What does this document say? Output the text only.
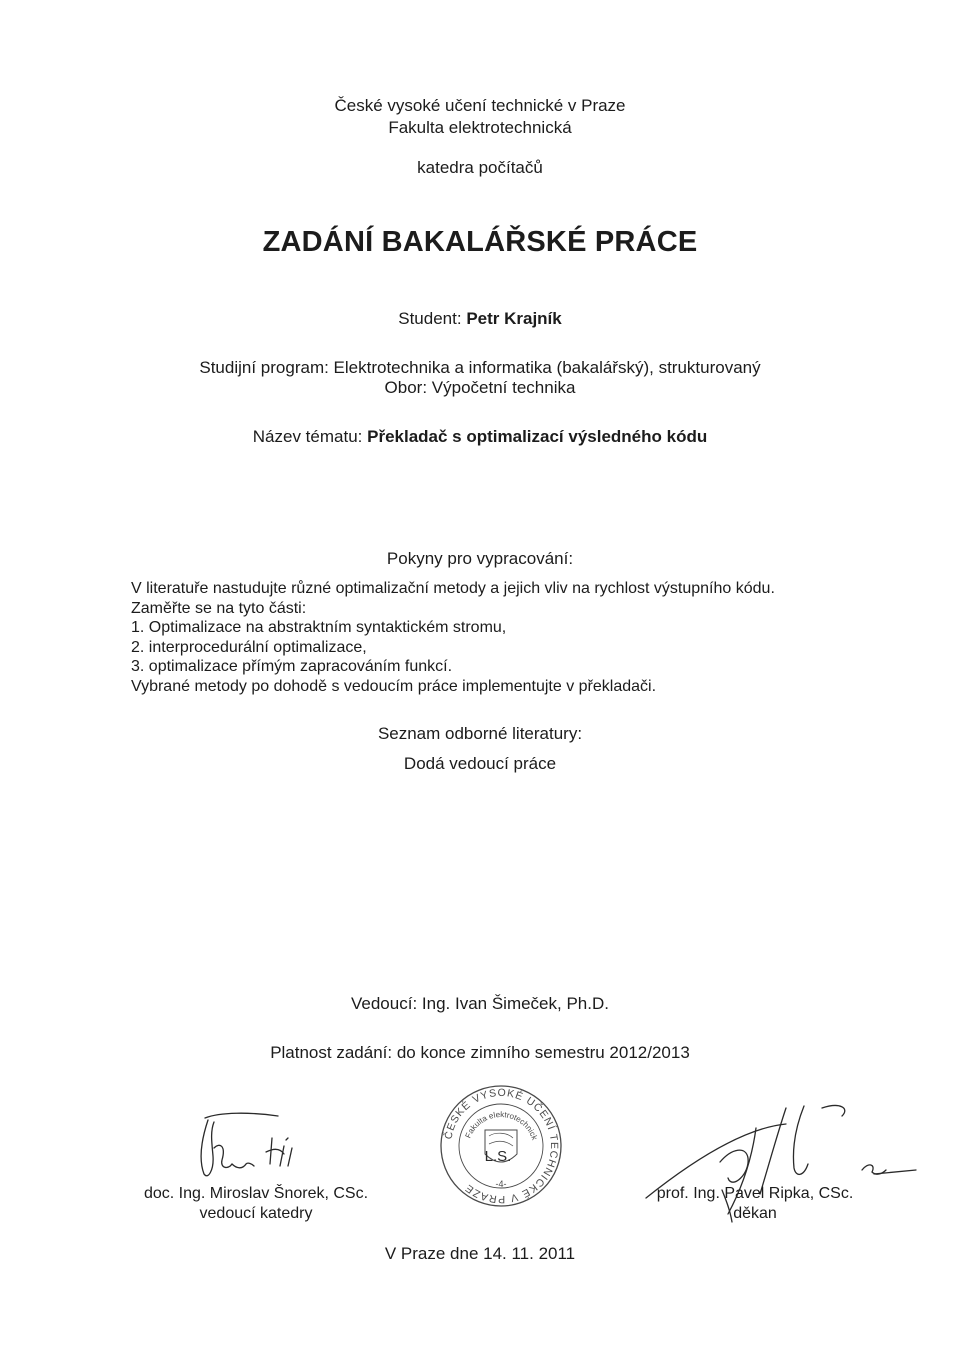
České vysoké učení technické v Praze
Fakulta elektrotechnická
katedra počítačů
ZADÁNÍ BAKALÁŘSKÉ PRÁCE
Student: Petr Krajník
Studijní program: Elektrotechnika a informatika (bakalářský), strukturovaný
Obor: Výpočetní technika
Název tématu: Překladač s optimalizací výsledného kódu
Pokyny pro vypracování:
V literatuře nastudujte různé optimalizační metody a jejich vliv na rychlost výstupního kódu.
Zaměřte se na tyto části:
1. Optimalizace na abstraktním syntaktickém stromu,
2. interprocedurální optimalizace,
3. optimalizace přímým zapracováním funkcí.
Vybrané metody po dohodě s vedoucím práce implementujte v překladači.
Seznam odborné literatury:
Dodá vedoucí práce
Vedoucí: Ing. Ivan Šimeček, Ph.D.
Platnost zadání: do konce zimního semestru 2012/2013
ČESKÉ VYSOKÉ UČENÍ TECHNICKÉ V PRAZE
Fakulta elektrotechnická
L.S.
-4-
doc. Ing. Miroslav Šnorek, CSc.
vedoucí katedry
prof. Ing. Pavel Ripka, CSc.
děkan
V Praze dne 14. 11. 2011
